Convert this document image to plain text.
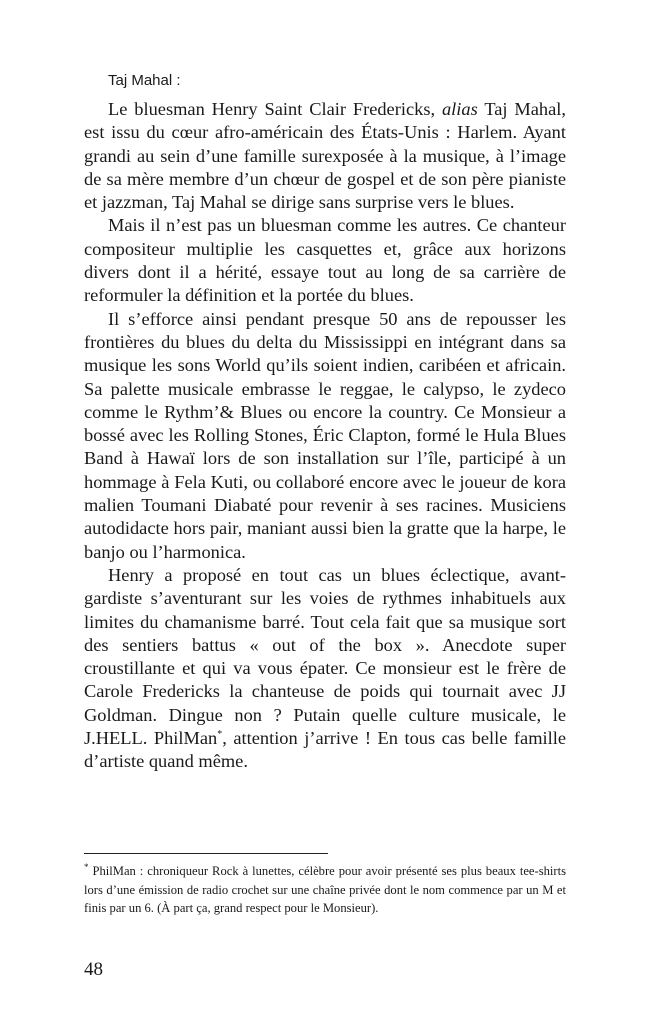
Taj Mahal :

Le bluesman Henry Saint Clair Fredericks, alias Taj Mahal, est issu du cœur afro-américain des États-Unis : Harlem. Ayant grandi au sein d’une famille surexposée à la musique, à l’image de sa mère membre d’un chœur de gospel et de son père pianiste et jazzman, Taj Mahal se dirige sans surprise vers le blues.

Mais il n’est pas un bluesman comme les autres. Ce chanteur compositeur multiplie les casquettes et, grâce aux horizons divers dont il a hérité, essaye tout au long de sa carrière de reformuler la définition et la portée du blues.

Il s’efforce ainsi pendant presque 50 ans de repousser les frontières du blues du delta du Mississippi en intégrant dans sa musique les sons World qu’ils soient indien, caribéen et africain. Sa palette musicale embrasse le reggae, le calypso, le zydeco comme le Rythm’& Blues ou encore la country. Ce Monsieur a bossé avec les Rolling Stones, Éric Clapton, formé le Hula Blues Band à Hawaï lors de son installation sur l’île, participé à un hommage à Fela Kuti, ou collaboré encore avec le joueur de kora malien Toumani Diabaté pour revenir à ses racines. Musiciens autodidacte hors pair, maniant aussi bien la gratte que la harpe, le banjo ou l’harmonica.

Henry a proposé en tout cas un blues éclectique, avant-gardiste s’aventurant sur les voies de rythmes inhabituels aux limites du chamanisme barré. Tout cela fait que sa musique sort des sentiers battus « out of the box ». Anecdote super croustillante et qui va vous épater. Ce monsieur est le frère de Carole Fredericks la chanteuse de poids qui tournait avec JJ Goldman. Dingue non ? Putain quelle culture musicale, le J.HELL. PhilMan*, attention j’arrive ! En tous cas belle famille d’artiste quand même.

* PhilMan : chroniqueur Rock à lunettes, célèbre pour avoir présenté ses plus beaux tee-shirts lors d’une émission de radio crochet sur une chaîne privée dont le nom commence par un M et finis par un 6. (À part ça, grand respect pour le Monsieur).

48
